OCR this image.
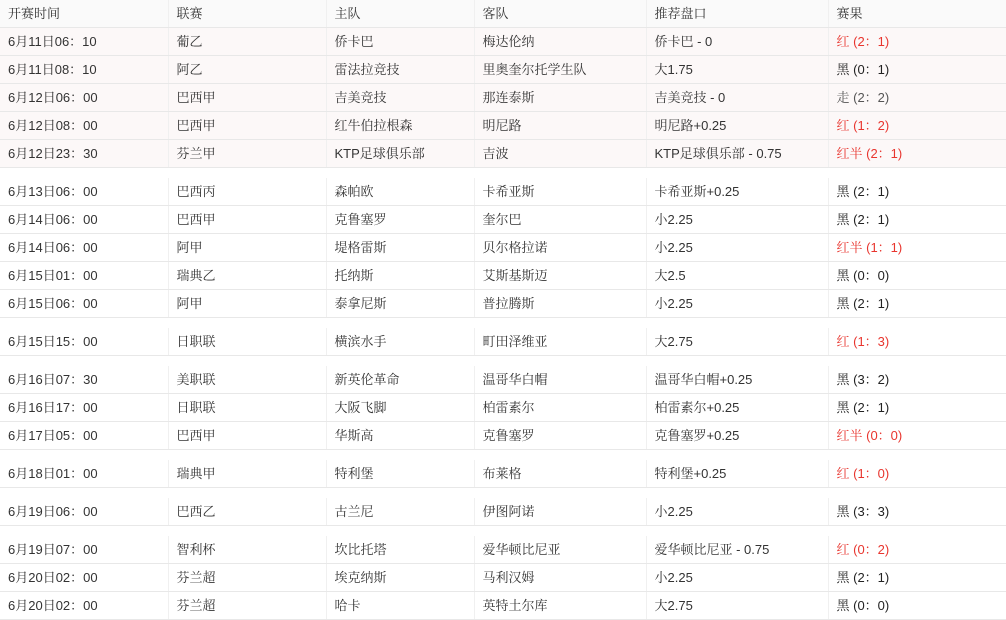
开赛时间	联赛	主队	客队	推荐盘口	赛果
6月11日06：10	葡乙	侨卡巴	梅达伦纳	侨卡巴 - 0	红 (2：1)
6月11日08：10	阿乙	雷法拉竞技	里奥奎尔托学生队	大1.75	黑 (0：1)
6月12日06：00	巴西甲	吉美竞技	那连泰斯	吉美竞技 - 0	走 (2：2)
6月12日08：00	巴西甲	红牛伯拉根森	明尼路	明尼路+0.25	红 (1：2)
6月12日23：30	芬兰甲	KTP足球俱乐部	吉波	KTP足球俱乐部 - 0.75	红半 (2：1)

6月13日06：00	巴西丙	森帕欧	卡希亚斯	卡希亚斯+0.25	黑 (2：1)
6月14日06：00	巴西甲	克鲁塞罗	奎尔巴	小2.25	黑 (2：1)
6月14日06：00	阿甲	堤格雷斯	贝尔格拉诺	小2.25	红半 (1：1)
6月15日01：00	瑞典乙	托纳斯	艾斯基斯迈	大2.5	黑 (0：0)
6月15日06：00	阿甲	泰拿尼斯	普拉腾斯	小2.25	黑 (2：1)

6月15日15：00	日职联	横滨水手	町田泽维亚	大2.75	红 (1：3)

6月16日07：30	美职联	新英伦革命	温哥华白帽	温哥华白帽+0.25	黑 (3：2)
6月16日17：00	日职联	大阪飞脚	柏雷素尔	柏雷素尔+0.25	黑 (2：1)
6月17日05：00	巴西甲	华斯高	克鲁塞罗	克鲁塞罗+0.25	红半 (0：0)

6月18日01：00	瑞典甲	特利堡	布莱格	特利堡+0.25	红 (1：0)

6月19日06：00	巴西乙	古兰尼	伊图阿诺	小2.25	黑 (3：3)

6月19日07：00	智利杯	坎比托塔	爱华顿比尼亚	爱华顿比尼亚 - 0.75	红 (0：2)
6月20日02：00	芬兰超	埃克纳斯	马利汉姆	小2.25	黑 (2：1)
6月20日02：00	芬兰超	哈卡	英特土尔库	大2.75	黑 (0：0)
